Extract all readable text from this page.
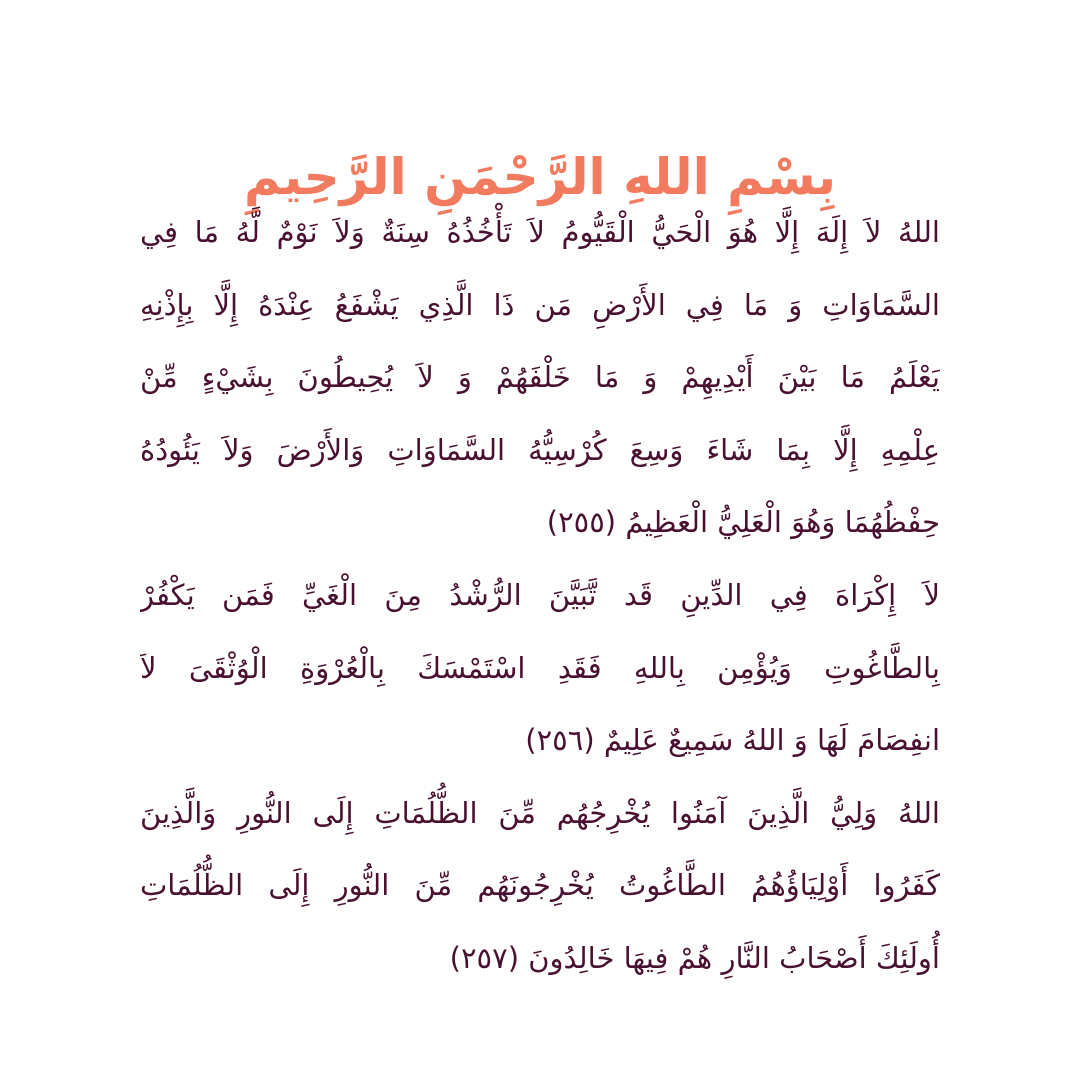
بِسْمِ اللهِ الرَّحْمَنِ الرَّحِيمِ
اللهُ لاَ إِلَهَ إِلَّا هُوَ الْحَيُّ الْقَيُّومُ لاَ تَأْخُذُهُ سِنَةٌ وَلاَ نَوْمٌ لَّهُ مَا فِي
السَّمَاوَاتِ وَ مَا فِي الأَرْضِ مَن ذَا الَّذِي يَشْفَعُ عِنْدَهُ إِلَّا بِإِذْنِهِ
يَعْلَمُ مَا بَيْنَ أَيْدِيهِمْ وَ مَا خَلْفَهُمْ وَ لاَ يُحِيطُونَ بِشَيْءٍ مِّنْ
عِلْمِهِ إِلَّا بِمَا شَاءَ وَسِعَ كُرْسِيُّهُ السَّمَاوَاتِ وَالأَرْضَ وَلاَ يَئُودُهُ
حِفْظُهُمَا وَهُوَ الْعَلِيُّ الْعَظِيمُ (٢٥٥)
لاَ إِكْرَاهَ فِي الدِّينِ قَد تَّبَيَّنَ الرُّشْدُ مِنَ الْغَيِّ فَمَن يَكْفُرْ
بِالطَّاغُوتِ وَيُؤْمِن بِاللهِ فَقَدِ اسْتَمْسَكَ بِالْعُرْوَةِ الْوُثْقَىَ لاَ
انفِصَامَ لَهَا وَ اللهُ سَمِيعٌ عَلِيمٌ (٢٥٦)
اللهُ وَلِيُّ الَّذِينَ آمَنُوا يُخْرِجُهُم مِّنَ الظُّلُمَاتِ إِلَى النُّورِ وَالَّذِينَ
كَفَرُوا أَوْلِيَاؤُهُمُ الطَّاغُوتُ يُخْرِجُونَهُم مِّنَ النُّورِ إِلَى الظُّلُمَاتِ
أُولَئِكَ أَصْحَابُ النَّارِ هُمْ فِيهَا خَالِدُونَ (٢٥٧)
